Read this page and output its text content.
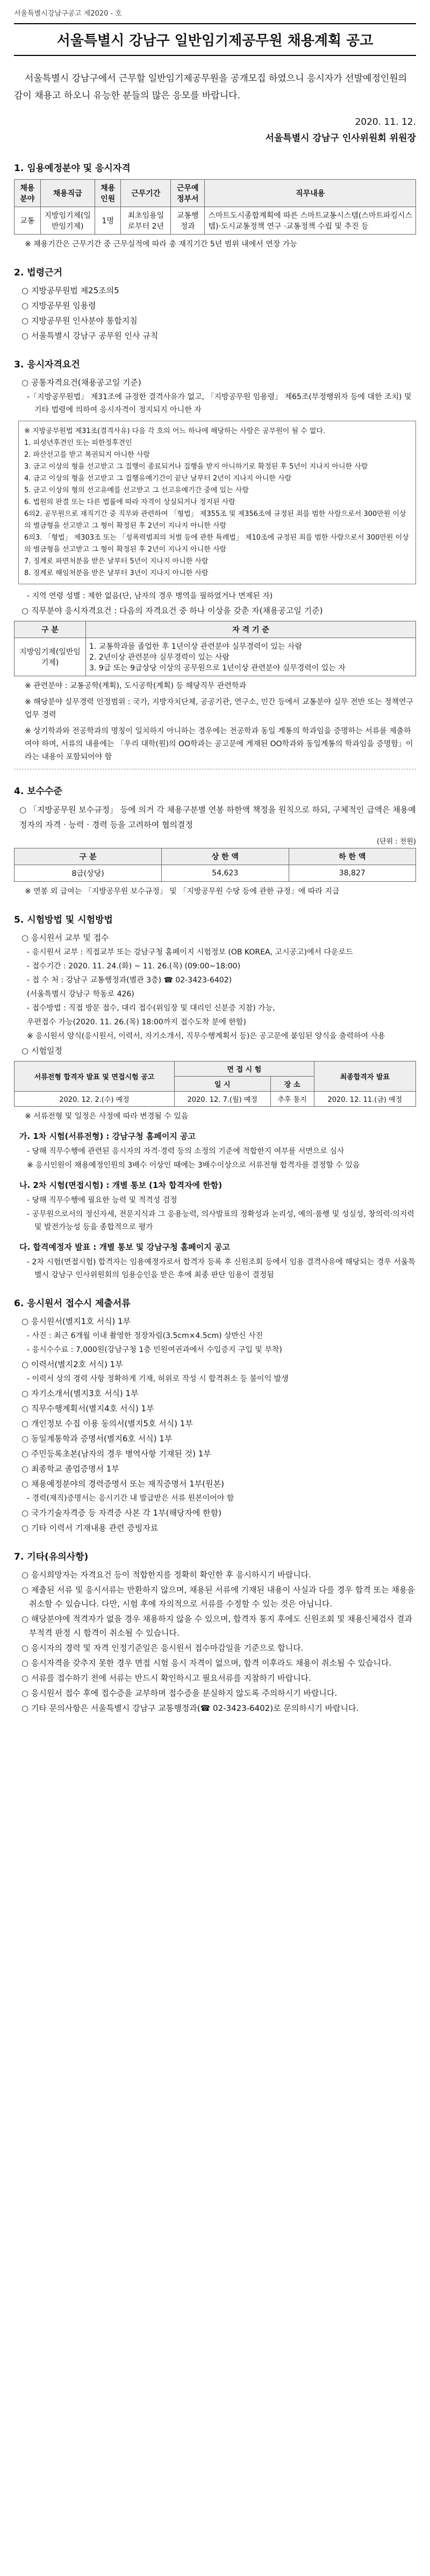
서울특별시강남구공고 제2020 - 호
서울특별시 강남구 일반임기제공무원 채용계획 공고

서울특별시 강남구에서 근무할 일반임기제공무원을 공개모집 하였으니 응시자가 선발예정인원의 감이 채용고 하오니 유능한 분들의 많은 응모를 바랍니다.

2020. 11. 12.
서울특별시 강남구 인사위원회 위원장
1. 임용예정분야 및 응시자격
채용분야	채용직급	채용인원	근무기간	근무예정부서	직무내용
교통	지방임기제(일반임기제)	1명	최초임용일로부터 2년	교통행정과	스마트도시종합계획에 따른 스마트교통시스템(스마트파킹시스템)·도시교통정책 연구 ·교통정책 수립 및 추진 등
※ 채용기간은 근무기간 중 근무실적에 따라 총 재직기간 5년 범위 내에서 연장 가능
2. 법령근거
○ 지방공무원법 제25조의5
○ 지방공무원 임용령
○ 지방공무원 인사분야 통합지침
○ 서울특별시 강남구 공무원 인사 규칙
3. 응시자격요건
○ 공통자격요건(채용공고일 기준)
-「지방공무원법」 제31조에 규정한 결격사유가 없고, 「지방공무원 임용령」 제65조(부정행위자 등에 대한 조치) 및 기타 법령에 의하여 응시자격이 정지되지 아니한 자
※ 지방공무원법 제31조(결격사유) 다음 각 호의 어느 하나에 해당하는 사람은 공무원이 될 수 없다.
1. 피성년후견인 또는 피한정후견인
2. 파산선고를 받고 복권되지 아니한 사람
3. 금고 이상의 형을 선고받고 그 집행이 종료되거나 집행을 받지 아니하기로 확정된 후 5년이 지나지 아니한 사람
4. 금고 이상의 형을 선고받고 그 집행유예기간이 끝난 날부터 2년이 지나지 아니한 사람
5. 금고 이상의 형의 선고유예를 선고받고 그 선고유예기간 중에 있는 사람
6. 법원의 판결 또는 다른 법률에 따라 자격이 상실되거나 정지된 사람
6의2. 공무원으로 재직기간 중 직무와 관련하여 「형법」 제355조 및 제356조에 규정된 죄를 범한 사람으로서 300만원 이상의 벌금형을 선고받고 그 형이 확정된 후 2년이 지나지 아니한 사람
6의3. 「형법」 제303조 또는 「성폭력범죄의 처벌 등에 관한 특례법」 제10조에 규정된 죄를 범한 사람으로서 300만원 이상의 벌금형을 선고받고 그 형이 확정된 후 2년이 지나지 아니한 사람
7. 징계로 파면처분을 받은 날부터 5년이 지나지 아니한 사람
8. 징계로 해임처분을 받은 날부터 3년이 지나지 아니한 사람
- 지역 연령 성별 : 제한 없음(단, 남자의 경우 병역을 필하였거나 면제된 자)
○ 직무분야 응시자격요건 : 다음의 자격요건 중 하나 이상을 갖춘 자(채용공고일 기준)
구 분	자 격 기 준
지방임기제(일반임기제)	1. 교통학과를 졸업한 후 1년이상 관련분야 실무경력이 있는 사람
2. 2년이상 관련분야 실무경력이 있는 사람
3. 9급 또는 9급상당 이상의 공무원으로 1년이상 관련분야 실무경력이 있는 자
※ 관련분야 : 교통공학(계획), 도시공학(계획) 등 해당직무 관련학과
※ 해당분야 실무경력 인정범위 : 국가, 지방자치단체, 공공기관, 연구소, 민간 등에서 교통분야 실무 전반 또는 정책연구 업무 경력
※ 상기학과와 전공학과의 명칭이 일치하지 아니하는 경우에는 전공학과 동일 계통의 학과임을 증명하는 서류를 제출하여야 하며, 서류의 내용에는 「우리 대학(원)의 OO학과는 공고문에 게재된 OO학과와 동일계통의 학과임을 증명함」이라는 내용이 포함되어야 함
4. 보수수준
○ 「지방공무원 보수규정」 등에 의거 각 채용구분별 연봉 하한액 책정을 원칙으로 하되, 구체적인 급액은 채용예정자의 자격 · 능력 · 경력 등을 고려하여 협의결정
(단위 : 천원)
구 분	상 한 액	하 한 액
8급(상당)	54,623	38,827
※ 연봉 외 급여는 「지방공무원 보수규정」 및 「지방공무원 수당 등에 관한 규정」에 따라 지급
5. 시험방법 및 시험방법
○ 응시원서 교부 및 접수
- 응시원서 교부 : 직접교부 또는 강남구청 홈페이지 시험정보 (OB KOREA, 고시공고)에서 다운로드
- 접수기간 : 2020. 11. 24.(화) ~ 11. 26.(목) (09:00~18:00)
- 접 수 처 : 강남구 교통행정과(별관 3층) ☎ 02-3423-6402)
(서울특별시 강남구 학동로 426)
- 접수방법 : 직접 방문 접수, 대리 접수(위임장 및 대리인 신분증 지참) 가능,
우편접수 가능(2020. 11. 26.(목) 18:00까지 접수도착 분에 한함)
※ 응시원서 양식(응시원서, 이력서, 자기소개서, 직무수행계획서 등)은 공고문에 붙임된 양식을 출력하여 사용
○ 시험일정
서류전형 합격자 발표 및 면접시험 공고	면 접 시 험		최종합격자 발표
	일 시	장 소	
2020. 12. 2.(수) 예정	2020. 12. 7.(월) 예정	추후 통지	2020. 12. 11.(금) 예정
※ 서류전형 및 일정은 사정에 따라 변경될 수 있음
가. 1차 시험(서류전형) : 강남구청 홈페이지 공고
- 당해 직무수행에 관련된 응시자의 자격·경력 등의 소정의 기준에 적합한지 여부를 서면으로 심사
※ 응시인원이 채용예정인원의 3배수 이상인 때에는 3배수이상으로 서류전형 합격자를 결정할 수 있음
나. 2차 시험(면접시험) : 개별 통보 (1차 합격자에 한함)
- 당해 직무수행에 필요한 능력 및 적격성 검정
- 공무원으로서의 정신자세, 전문지식과 그 응용능력, 의사발표의 정확성과 논리성, 예의·품행 및 성실성, 창의력·의지력 및 발전가능성 등을 종합적으로 평가
다. 합격예정자 발표 : 개별 통보 및 강남구청 홈페이지 공고
- 2차 시험(면접시험) 합격자는 임용예정자로서 합격자 등록 후 신원조회 등에서 임용 결격사유에 해당되는 경우 서울특별시 강남구 인사위원회의 임용승인을 받은 후에 최종 판단 임용이 결정됨
6. 응시원서 접수시 제출서류
○ 응시원서(별지1호 서식) 1부
- 사진 : 최근 6개월 이내 촬영한 정장차림(3.5cm×4.5cm) 상반신 사진
- 응시수수료 : 7,000원(강남구청 1층 민원여권과에서 수입증지 구입 및 부착)
○ 이력서(별지2호 서식) 1부
- 이력서 상의 경력 사항 정확하게 기재, 허위로 작성 시 합격취소 등 불이익 발생
○ 자기소개서(별지3호 서식) 1부
○ 직무수행계획서(별지4호 서식) 1부
○ 개인정보 수집 이용 동의서(별지5호 서식) 1부
○ 동일계통학과 증명서(별지6호 서식) 1부
○ 주민등록초본(남자의 경우 병역사항 기재된 것) 1부
○ 최종학교 졸업증명서 1부
○ 채용예정분야의 경력증명서 또는 재직증명서 1부(원본)
- 경력(재직)증명서는 응시기간 내 발급받은 서류 원본이어야 함
○ 국가기술자격증 등 자격증 사본 각 1부(해당자에 한함)
○ 기타 이력서 기재내용 관련 증빙자료
7. 기타(유의사항)
○ 응시희망자는 자격요건 등이 적합한지를 정확히 확인한 후 응시하시기 바랍니다.
○ 제출된 서류 및 응시서류는 반환하지 않으며, 채용된 서류에 기재된 내용이 사실과 다를 경우 합격 또는 채용을 취소할 수 있습니다. 다만, 시험 후에 자의적으로 서류를 수정할 수 있는 것은 아닙니다.
○ 해당분야에 적격자가 없을 경우 채용하지 않을 수 있으며, 합격자 통지 후에도 신원조회 및 채용신체검사 결과 부적격 판정 시 합격이 취소될 수 있습니다.
○ 응시자의 경력 및 자격 인정기준일은 응시원서 접수마감일을 기준으로 합니다.
○ 응시자격을 갖추지 못한 경우 면접 시험 응시 자격이 없으며, 합격 이후라도 채용이 취소될 수 있습니다.
○ 서류를 접수하기 전에 서류는 반드시 확인하시고 필요서류를 지참하기 바랍니다.
○ 응시원서 접수 후에 접수증을 교부하며 접수증을 분실하지 않도록 주의하시기 바랍니다.
○ 기타 문의사항은 서울특별시 강남구 교통행정과(☎ 02-3423-6402)로 문의하시기 바랍니다.
